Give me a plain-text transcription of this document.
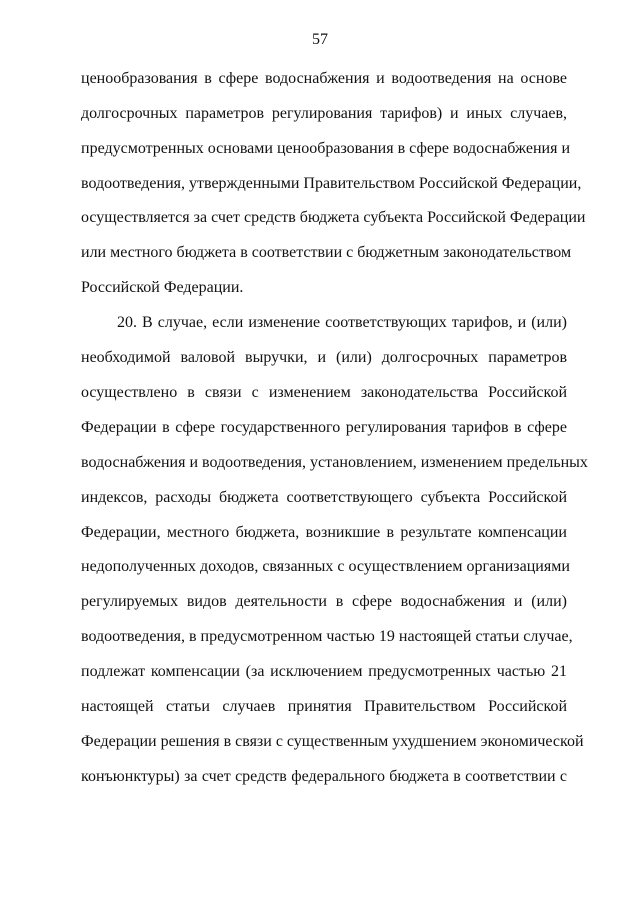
57
ценообразования в сфере водоснабжения и водоотведения на основе
долгосрочных параметров регулирования тарифов) и иных случаев,
предусмотренных основами ценообразования в сфере водоснабжения и
водоотведения, утвержденными Правительством Российской Федерации,
осуществляется за счет средств бюджета субъекта Российской Федерации
или местного бюджета в соответствии с бюджетным законодательством
Российской Федерации.
20. В случае, если изменение соответствующих тарифов, и (или)
необходимой валовой выручки, и (или) долгосрочных параметров
осуществлено в связи с изменением законодательства Российской
Федерации в сфере государственного регулирования тарифов в сфере
водоснабжения и водоотведения, установлением, изменением предельных
индексов, расходы бюджета соответствующего субъекта Российской
Федерации, местного бюджета, возникшие в результате компенсации
недополученных доходов, связанных с осуществлением организациями
регулируемых видов деятельности в сфере водоснабжения и (или)
водоотведения, в предусмотренном частью 19 настоящей статьи случае,
подлежат компенсации (за исключением предусмотренных частью 21
настоящей статьи случаев принятия Правительством Российской
Федерации решения в связи с существенным ухудшением экономической
конъюнктуры) за счет средств федерального бюджета в соответствии с
